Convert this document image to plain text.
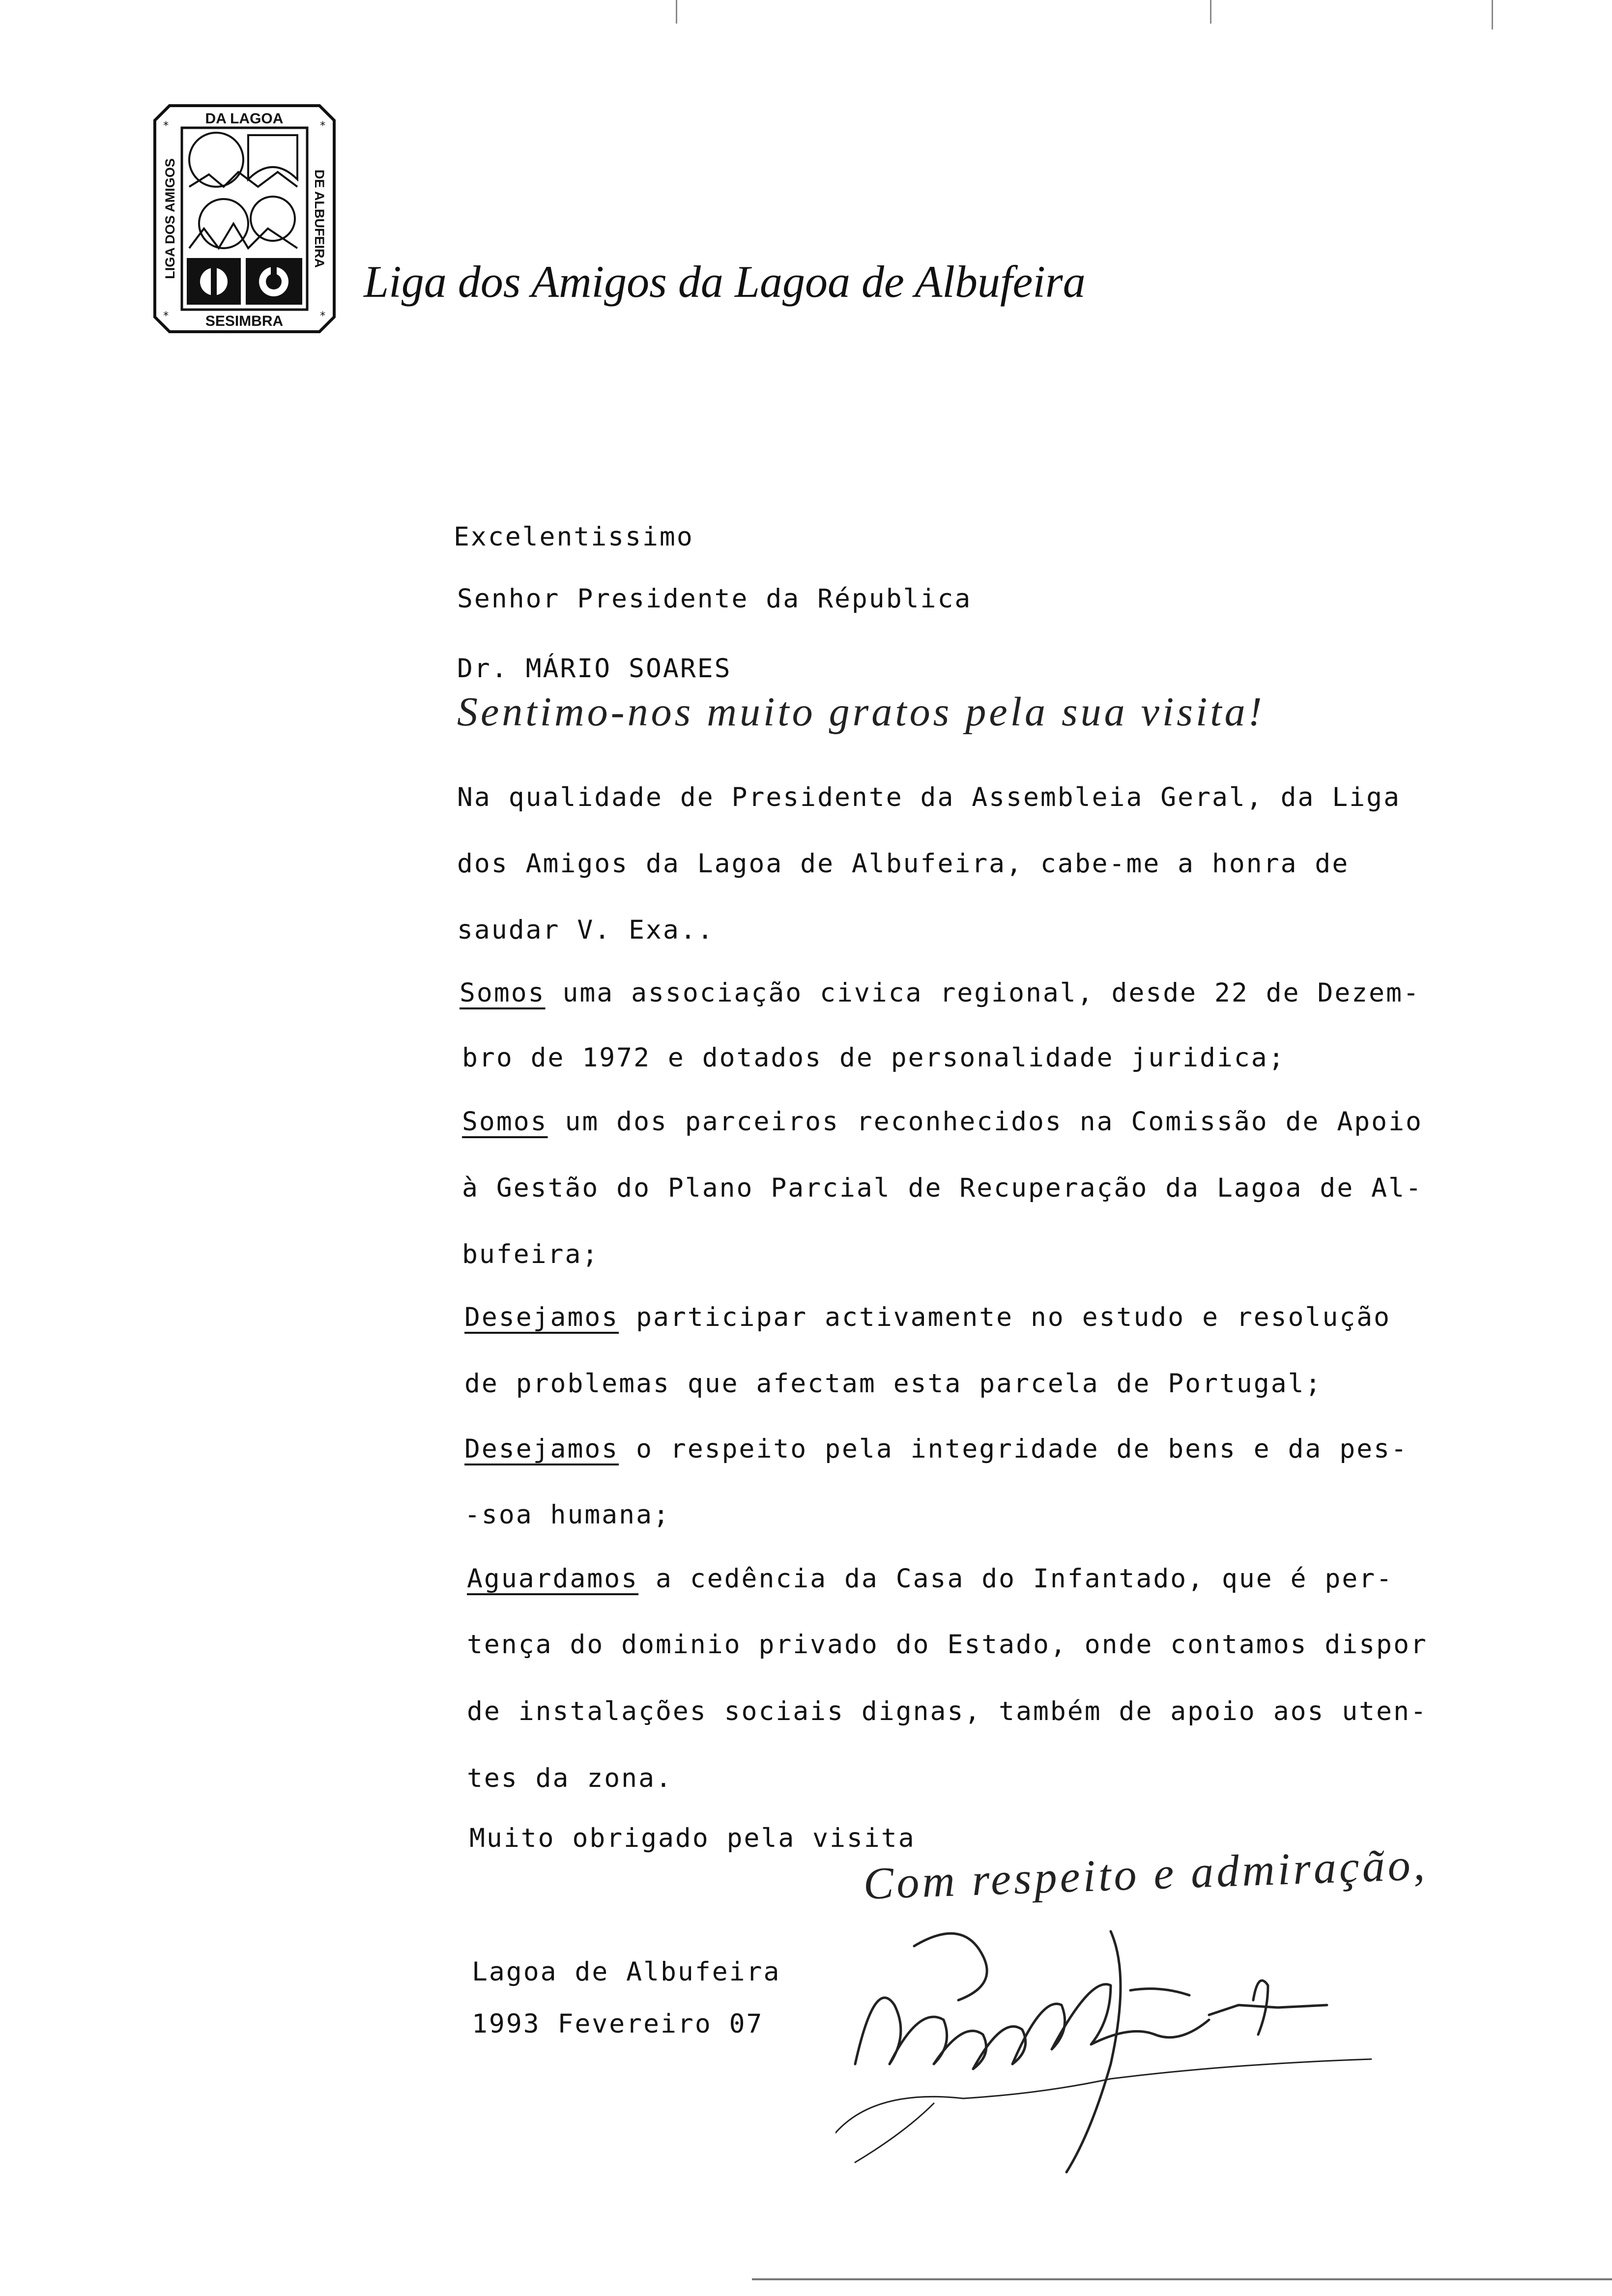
DA LAGOA
SESIMBRA
LIGA DOS AMIGOS	DE ALBUFEIRA
*	*
*	*
Liga dos Amigos da Lagoa de Albufeira
Excelentissimo
Senhor Presidente da Républica
Dr. MÁRIO SOARES
Sentimo-nos muito gratos pela sua visita!
Na qualidade de Presidente da Assembleia Geral, da Liga
dos Amigos da Lagoa de Albufeira, cabe-me a honra de
saudar V. Exa..
Somos uma associação civica regional, desde 22 de Dezem-
bro de 1972 e dotados de personalidade juridica;
Somos um dos parceiros reconhecidos na Comissão de Apoio
à Gestão do Plano Parcial de Recuperação da Lagoa de Al-
bufeira;
Desejamos participar activamente no estudo e resolução
de problemas que afectam esta parcela de Portugal;
Desejamos o respeito pela integridade de bens e da pes-
-soa humana;
Aguardamos a cedência da Casa do Infantado, que é per-
tença do dominio privado do Estado, onde contamos dispor
de instalações sociais dignas, também de apoio aos uten-
tes da zona.
Muito obrigado pela visita
Com respeito e admiração,
Lagoa de Albufeira
1993 Fevereiro 07
